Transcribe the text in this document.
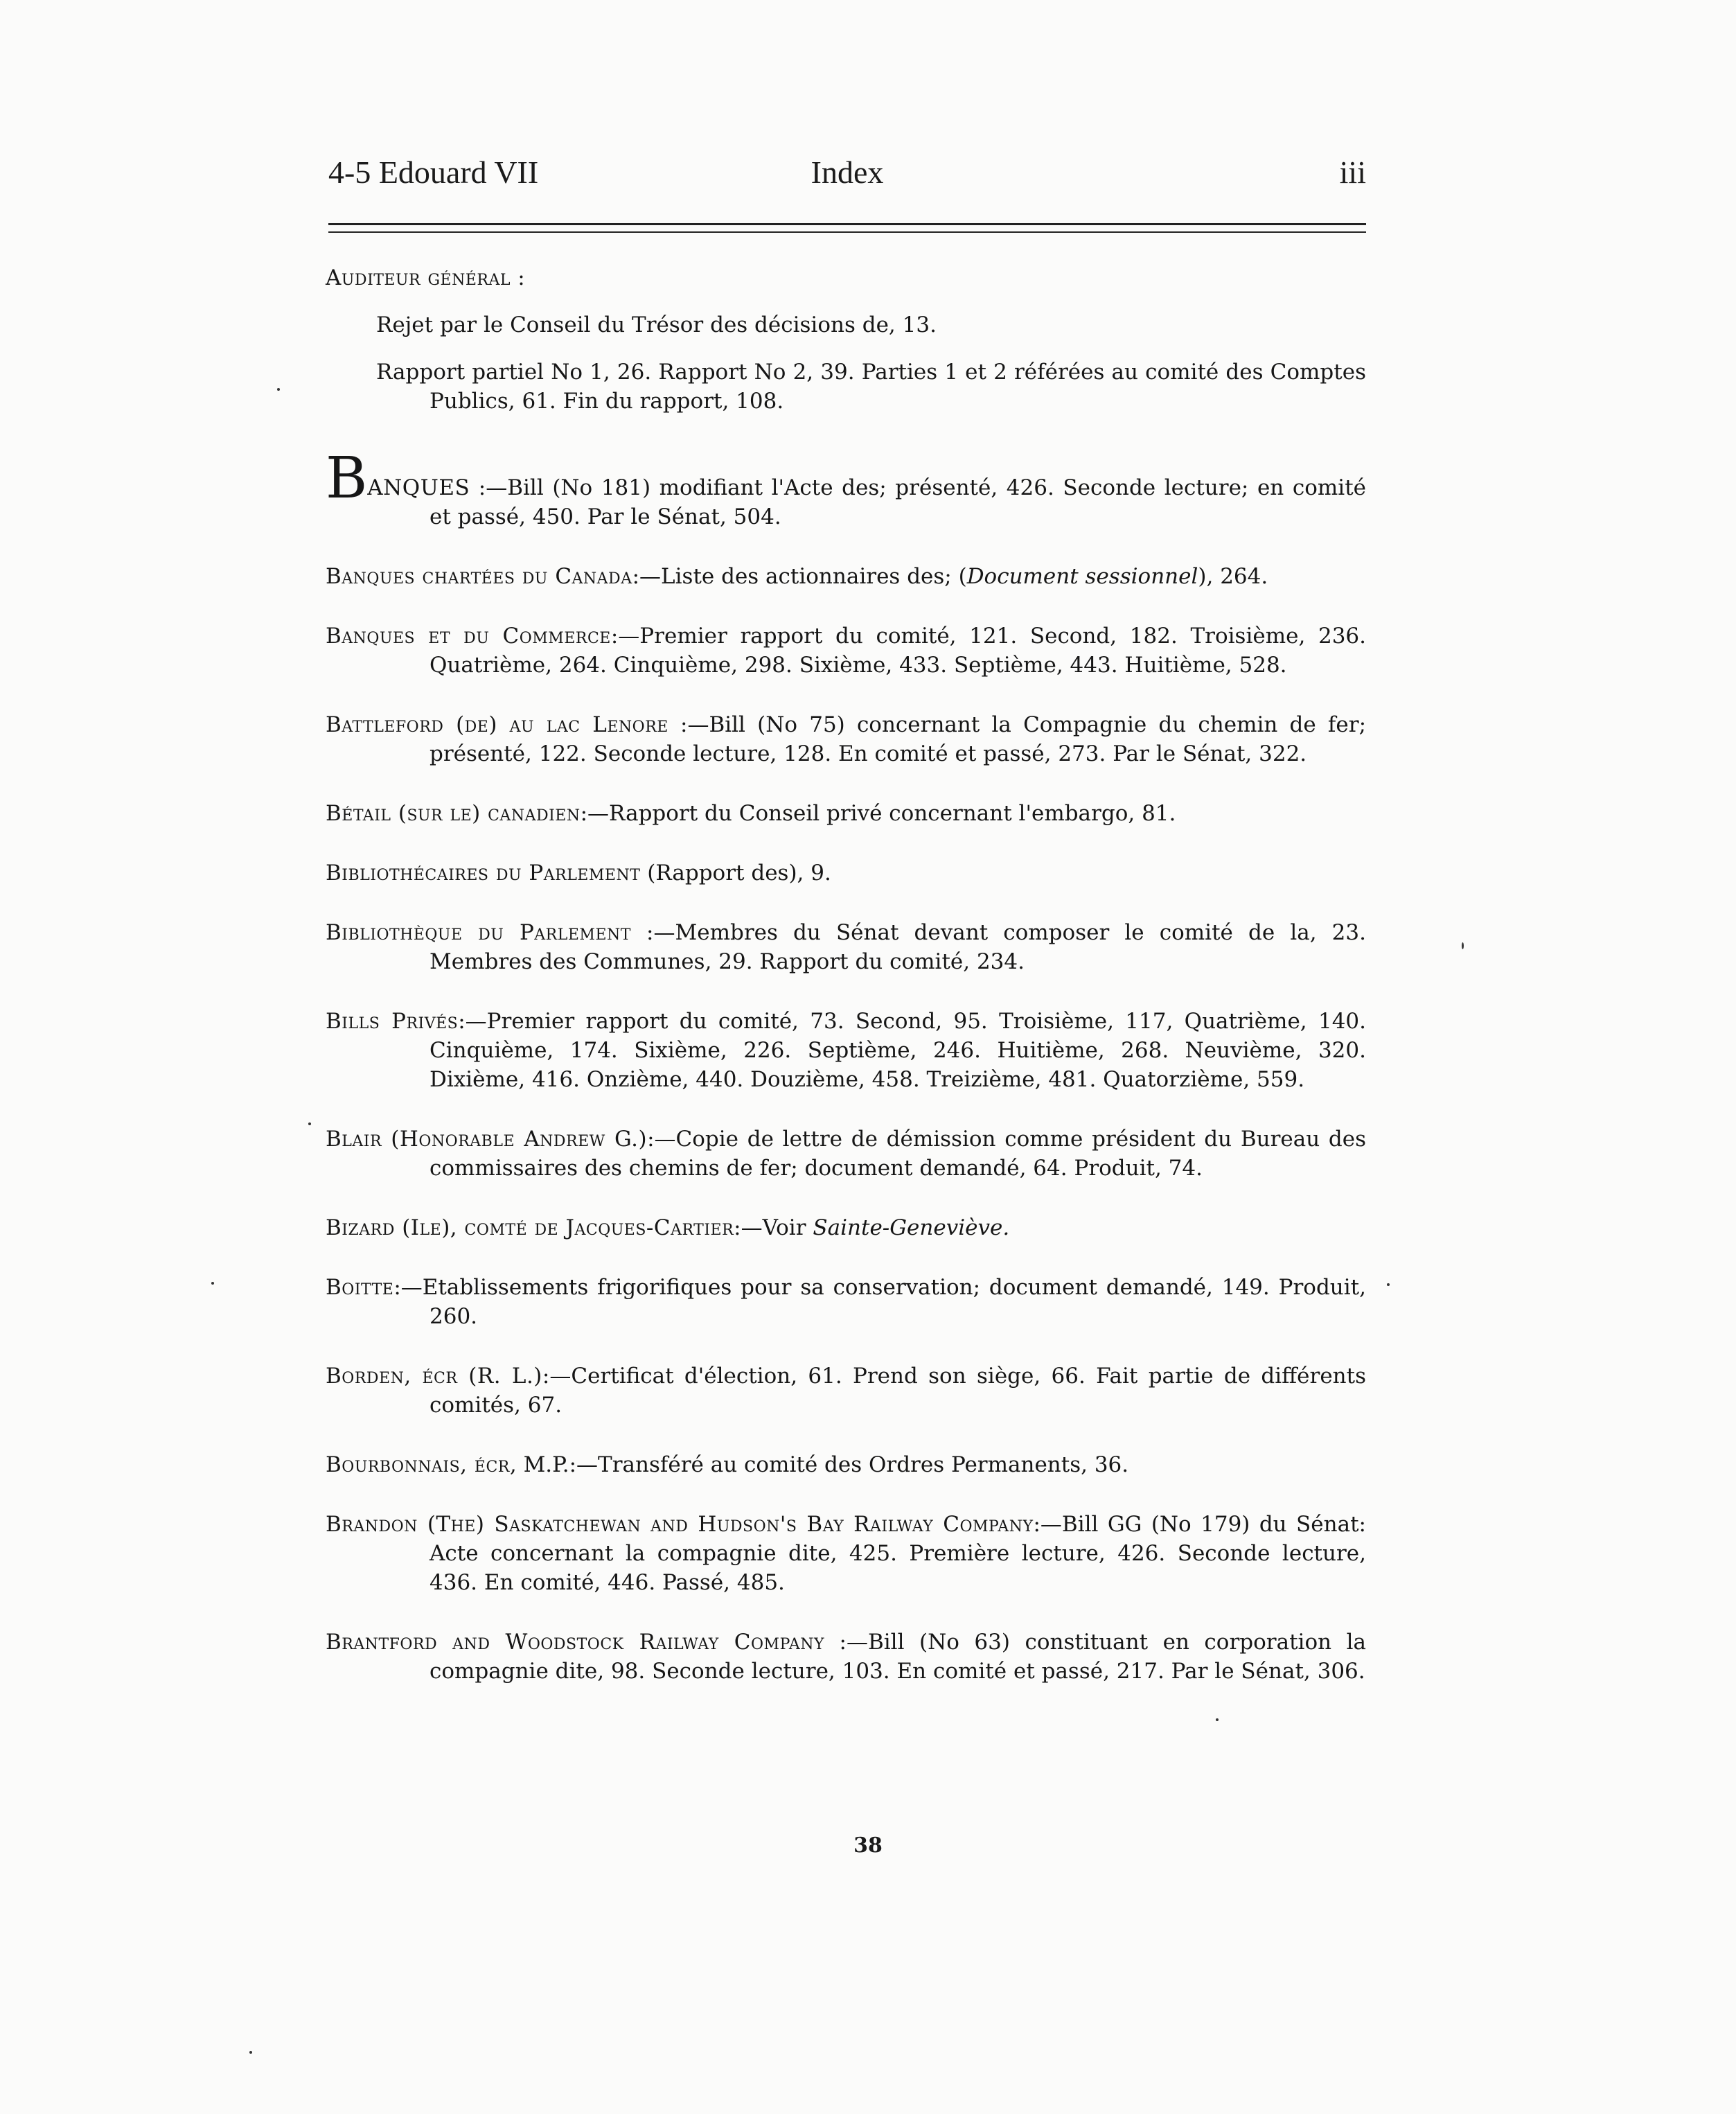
4-5 Edouard VII	Index	iii

Auditeur général :

Rejet par le Conseil du Trésor des décisions de, 13.

Rapport partiel No 1, 26. Rapport No 2, 39. Parties 1 et 2 référées au comité des Comptes Publics, 61. Fin du rapport, 108.

BANQUES :—Bill (No 181) modifiant l'Acte des; présenté, 426. Seconde lecture; en comité et passé, 450. Par le Sénat, 504.

Banques chartées du Canada:—Liste des actionnaires des; (Document sessionnel), 264.

Banques et du Commerce:—Premier rapport du comité, 121. Second, 182. Troisième, 236. Quatrième, 264. Cinquième, 298. Sixième, 433. Septième, 443. Huitième, 528.

Battleford (de) au lac Lenore :—Bill (No 75) concernant la Compagnie du chemin de fer; présenté, 122. Seconde lecture, 128. En comité et passé, 273. Par le Sénat, 322.

Bétail (sur le) canadien:—Rapport du Conseil privé concernant l'embargo, 81.

Bibliothécaires du Parlement (Rapport des), 9.

Bibliothèque du Parlement :—Membres du Sénat devant composer le comité de la, 23. Membres des Communes, 29. Rapport du comité, 234.

Bills Privés:—Premier rapport du comité, 73. Second, 95. Troisième, 117, Quatrième, 140. Cinquième, 174. Sixième, 226. Septième, 246. Huitième, 268. Neuvième, 320. Dixième, 416. Onzième, 440. Douzième, 458. Treizième, 481. Quatorzième, 559.

Blair (Honorable Andrew G.):—Copie de lettre de démission comme président du Bureau des commissaires des chemins de fer; document demandé, 64. Produit, 74.

Bizard (Ile), comté de Jacques-Cartier:—Voir Sainte-Geneviève.

Boitte:—Etablissements frigorifiques pour sa conservation; document demandé, 149. Produit, 260.

Borden, écr (R. L.):—Certificat d'élection, 61. Prend son siège, 66. Fait partie de différents comités, 67.

Bourbonnais, écr, M.P.:—Transféré au comité des Ordres Permanents, 36.

Brandon (The) Saskatchewan and Hudson's Bay Railway Company:—Bill GG (No 179) du Sénat: Acte concernant la compagnie dite, 425. Première lecture, 426. Seconde lecture, 436. En comité, 446. Passé, 485.

Brantford and Woodstock Railway Company :—Bill (No 63) constituant en corporation la compagnie dite, 98. Seconde lecture, 103. En comité et passé, 217. Par le Sénat, 306.

38
